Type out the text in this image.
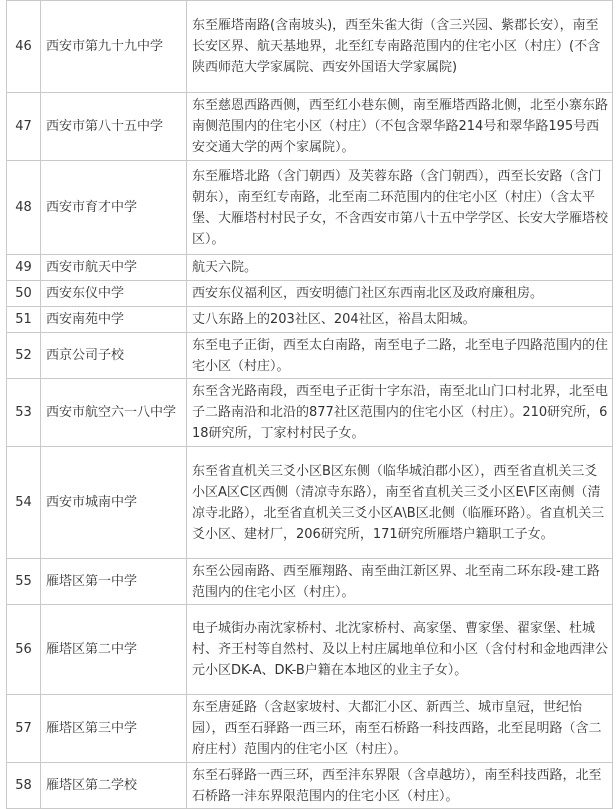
46	西安市第九十九中学	东至雁塔南路(含南坡头)，西至朱雀大街（含三兴园、紫郡长安），南至长安区界、航天基地界，北至红专南路范围内的住宅小区（村庄）(不含陕西师范大学家属院、西安外国语大学家属院)
47	西安市第八十五中学	东至慈恩西路西侧，西至红小巷东侧，南至雁塔西路北侧，北至小寨东路南侧范围内的住宅小区（村庄）（不包含翠华路214号和翠华路195号西安交通大学的两个家属院）。
48	西安市育才中学	东至雁塔北路（含门朝西）及芙蓉东路（含门朝西），西至长安路（含门朝东），南至红专南路，北至南二环范围内的住宅小区（村庄）（含太平堡、大雁塔村村民子女，不含西安市第八十五中学学区、长安大学雁塔校区）。
49	西安市航天中学	航天六院。
50	西安东仪中学	西安东仪福利区，西安明德门社区东西南北区及政府廉租房。
51	西安南苑中学	丈八东路上的203社区、204社区，裕昌太阳城。
52	西京公司子校	东至电子正街，西至太白南路，南至电子二路，北至电子四路范围内的住宅小区（村庄）。
53	西安市航空六一八中学	东至含光路南段，西至电子正街十字东沿，南至北山门口村北界，北至电子二路南沿和北沿的877社区范围内的住宅小区（村庄）。210研究所，618研究所，丁家村村民子女。
54	西安市城南中学	东至省直机关三爻小区B区东侧（临华城泊郡小区），西至省直机关三爻小区A区C区西侧（清凉寺东路），南至省直机关三爻小区E\F区南侧（清凉寺北路），北至省直机关三爻小区A\B区北侧（临雁环路）。省直机关三爻小区、建材厂，206研究所，171研究所雁塔户籍职工子女。
55	雁塔区第一中学	东至公园南路、西至雁翔路、南至曲江新区界、北至南二环东段-建工路范围内的住宅小区（村庄）。
56	雁塔区第二中学	电子城街办南沈家桥村、北沈家桥村、高家堡、曹家堡、翟家堡、杜城村、齐王村等自然村、及以上村庄属地单位和小区（含付村和金地西津公元小区DK-A、DK-B户籍在本地区的业主子女）。
57	雁塔区第三中学	东至唐延路（含赵家坡村、大都汇小区、新西兰、城市皇冠，世纪怡园），西至石驿路一西三环，南至石桥路一科技西路，北至昆明路（含二府庄村）范围内的住宅小区（村庄）。
58	雁塔区第二学校	东至石驿路一西三环，西至沣东界限（含卓越坊），南至科技西路，北至石桥路一沣东界限范围内的住宅小区（村庄）。
